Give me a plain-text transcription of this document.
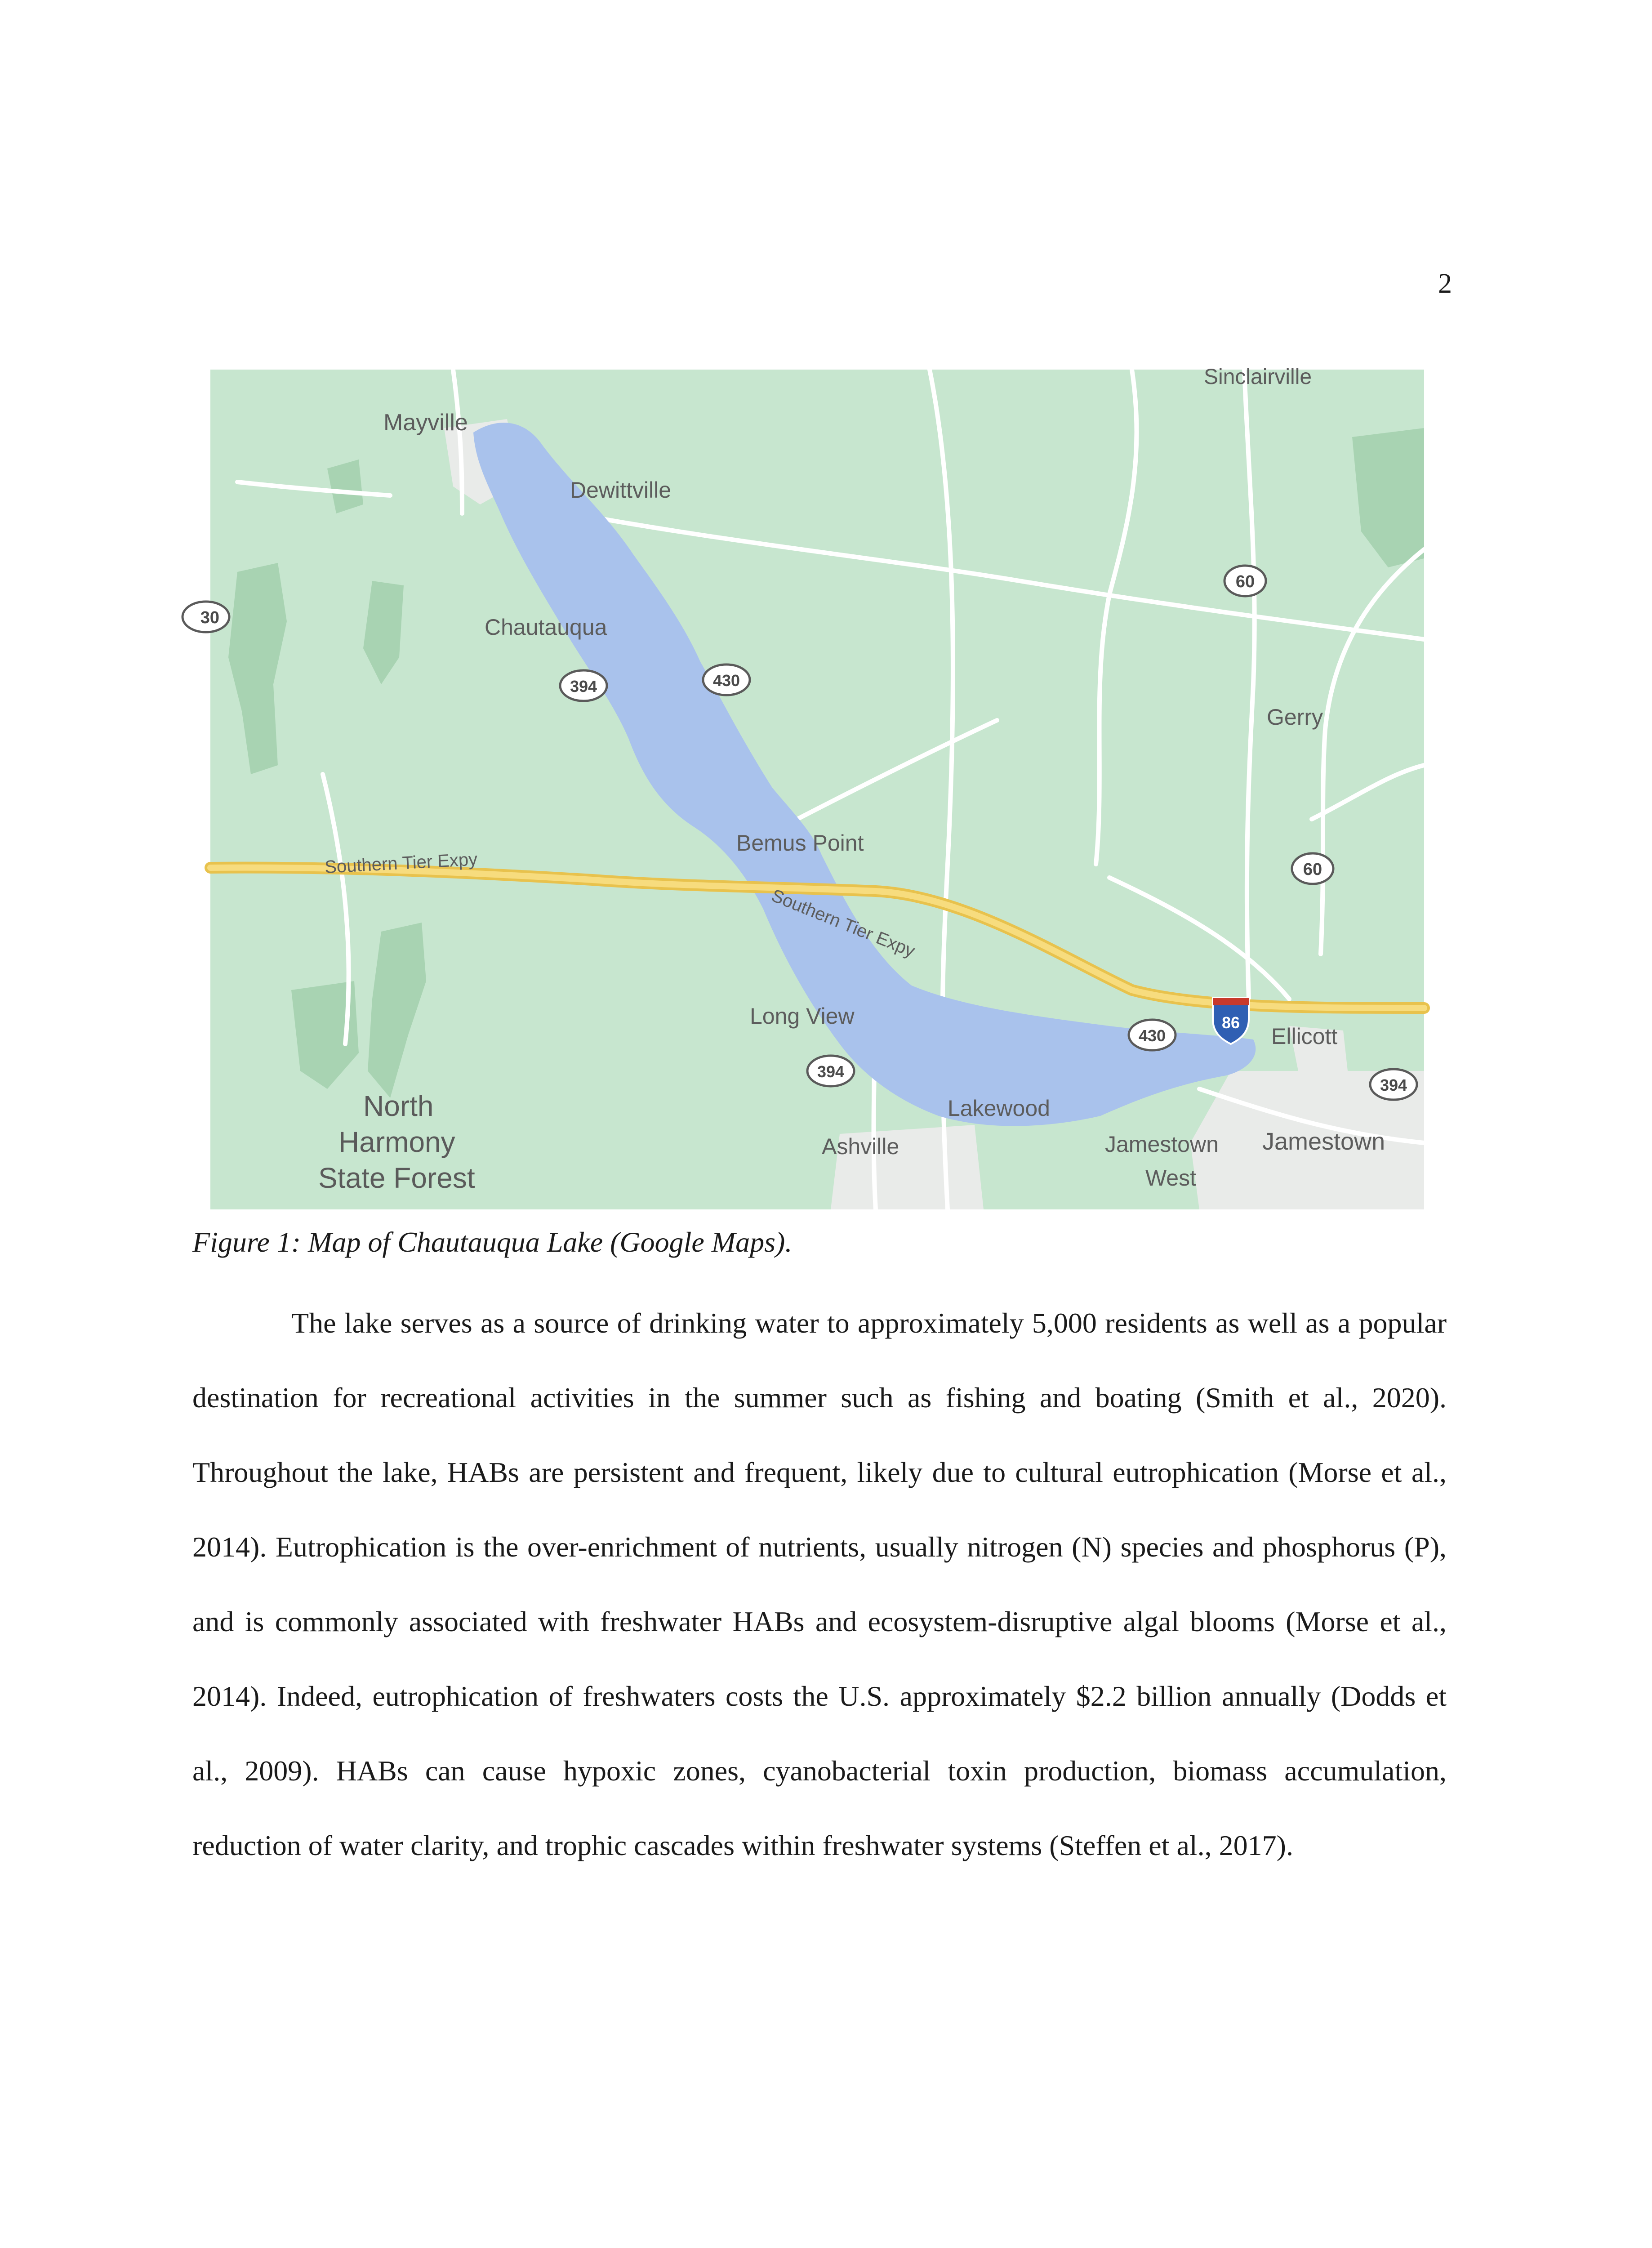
2
Sinclairville
Mayville
Dewittville
Chautauqua
Gerry
Bemus Point
Southern Tier Expy
Southern Tier Expy
Long View
Lakewood
Ashville	Jamestown
West
Jamestown
Ellicott
North
Harmony
State Forest
30
60
394	430
60
430
86
394
394
Figure 1: Map of Chautauqua Lake (Google Maps).

The lake serves as a source of drinking water to approximately 5,000 residents as well as a popular destination for recreational activities in the summer such as fishing and boating (Smith et al., 2020). Throughout the lake, HABs are persistent and frequent, likely due to cultural eutrophication (Morse et al., 2014). Eutrophication is the over-enrichment of nutrients, usually nitrogen (N) species and phosphorus (P), and is commonly associated with freshwater HABs and ecosystem-disruptive algal blooms (Morse et al., 2014). Indeed, eutrophication of freshwaters costs the U.S. approximately $2.2 billion annually (Dodds et al., 2009). HABs can cause hypoxic zones, cyanobacterial toxin production, biomass accumulation, reduction of water clarity, and trophic cascades within freshwater systems (Steffen et al., 2017).
